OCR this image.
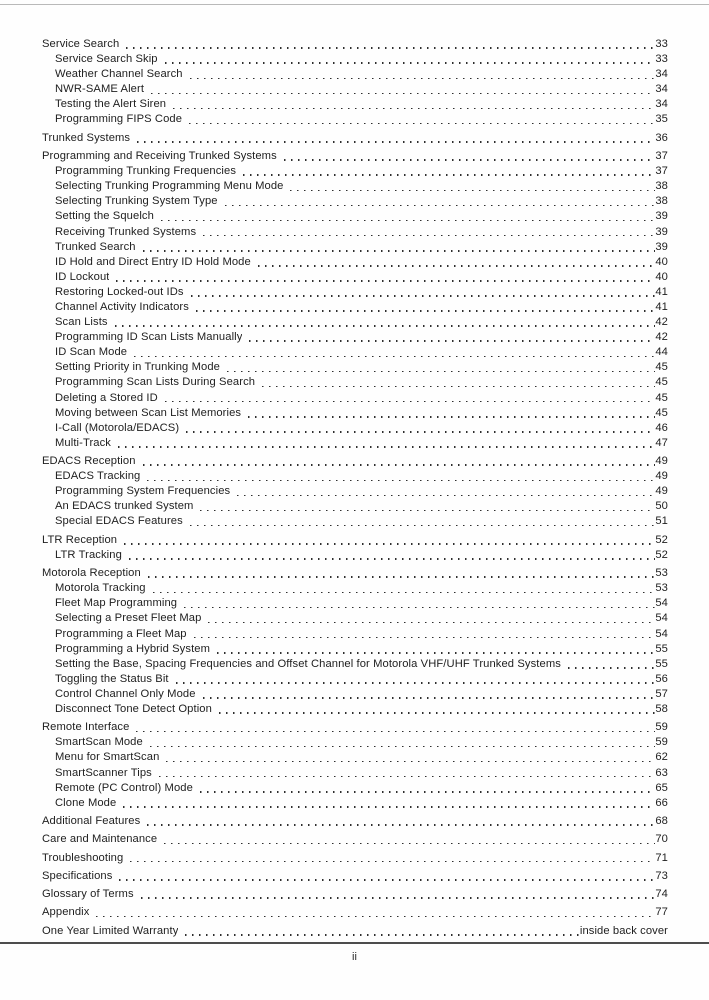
Service Search	33
Service Search Skip	33
Weather Channel Search	34
NWR-SAME Alert	34
Testing the Alert Siren	34
Programming FIPS Code	35
Trunked Systems	36
Programming and Receiving Trunked Systems	37
Programming Trunking Frequencies	37
Selecting Trunking Programming Menu Mode	38
Selecting Trunking System Type	38
Setting the Squelch	39
Receiving Trunked Systems	39
Trunked Search	39
ID Hold and Direct Entry ID Hold Mode	40
ID Lockout	40
Restoring Locked-out IDs	41
Channel Activity Indicators	41
Scan Lists	42
Programming ID Scan Lists Manually	42
ID Scan Mode	44
Setting Priority in Trunking Mode	45
Programming Scan Lists During Search	45
Deleting a Stored ID	45
Moving between Scan List Memories	45
I-Call (Motorola/EDACS)	46
Multi-Track	47
EDACS Reception	49
EDACS Tracking	49
Programming System Frequencies	49
An EDACS trunked System	50
Special EDACS Features	51
LTR Reception	52
LTR Tracking	52
Motorola Reception	53
Motorola Tracking	53
Fleet Map Programming	54
Selecting a Preset Fleet Map	54
Programming a Fleet Map	54
Programming a Hybrid System	55
Setting the Base, Spacing Frequencies and Offset Channel for Motorola VHF/UHF Trunked Systems	55
Toggling the Status Bit	56
Control Channel Only Mode	57
Disconnect Tone Detect Option	58
Remote Interface	59
SmartScan Mode	59
Menu for SmartScan	62
SmartScanner Tips	63
Remote (PC Control) Mode	65
Clone Mode	66
Additional Features	68
Care and Maintenance	70
Troubleshooting	71
Specifications	73
Glossary of Terms	74
Appendix	77
One Year Limited Warranty	inside back cover
ii
